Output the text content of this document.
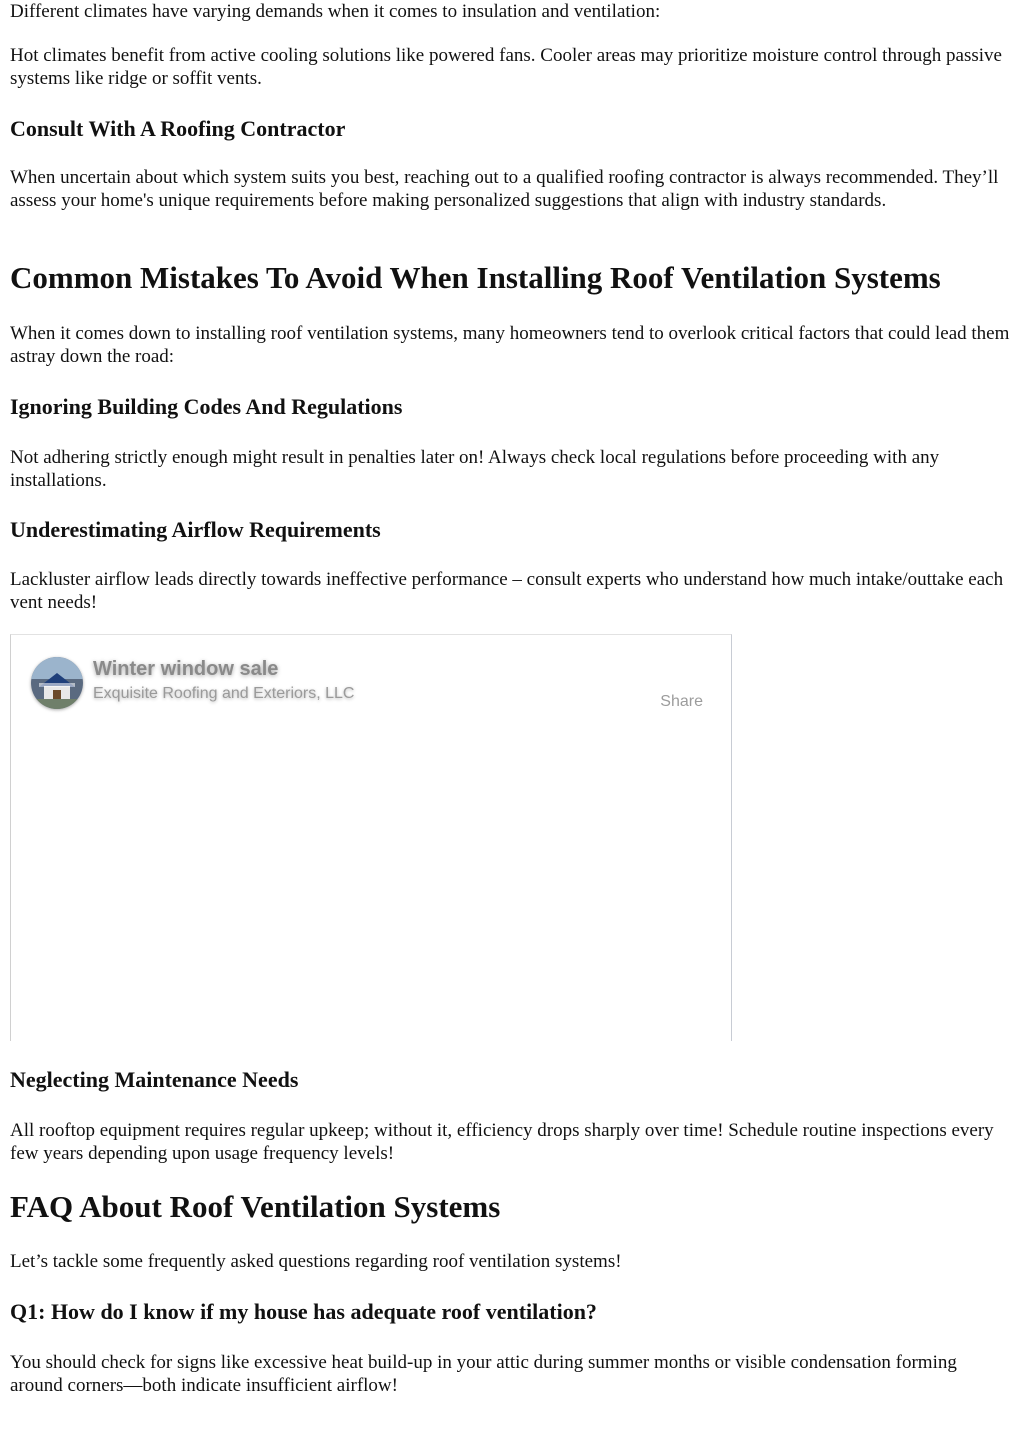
Different climates have varying demands when it comes to insulation and ventilation:

Hot climates benefit from active cooling solutions like powered fans. Cooler areas may prioritize moisture control through passive systems like ridge or soffit vents.

Consult With A Roofing Contractor

When uncertain about which system suits you best, reaching out to a qualified roofing contractor is always recommended. They’ll assess your home's unique requirements before making personalized suggestions that align with industry standards.

Common Mistakes To Avoid When Installing Roof Ventilation Systems

When it comes down to installing roof ventilation systems, many homeowners tend to overlook critical factors that could lead them astray down the road:

Ignoring Building Codes And Regulations

Not adhering strictly enough might result in penalties later on! Always check local regulations before proceeding with any installations.

Underestimating Airflow Requirements

Lackluster airflow leads directly towards ineffective performance – consult experts who understand how much intake/outtake each vent needs!

Winter window sale
Exquisite Roofing and Exteriors, LLC	Share
Neglecting Maintenance Needs

All rooftop equipment requires regular upkeep; without it, efficiency drops sharply over time! Schedule routine inspections every few years depending upon usage frequency levels!

FAQ About Roof Ventilation Systems

Let’s tackle some frequently asked questions regarding roof ventilation systems!

Q1: How do I know if my house has adequate roof ventilation?

You should check for signs like excessive heat build-up in your attic during summer months or visible condensation forming around corners—both indicate insufficient airflow!
